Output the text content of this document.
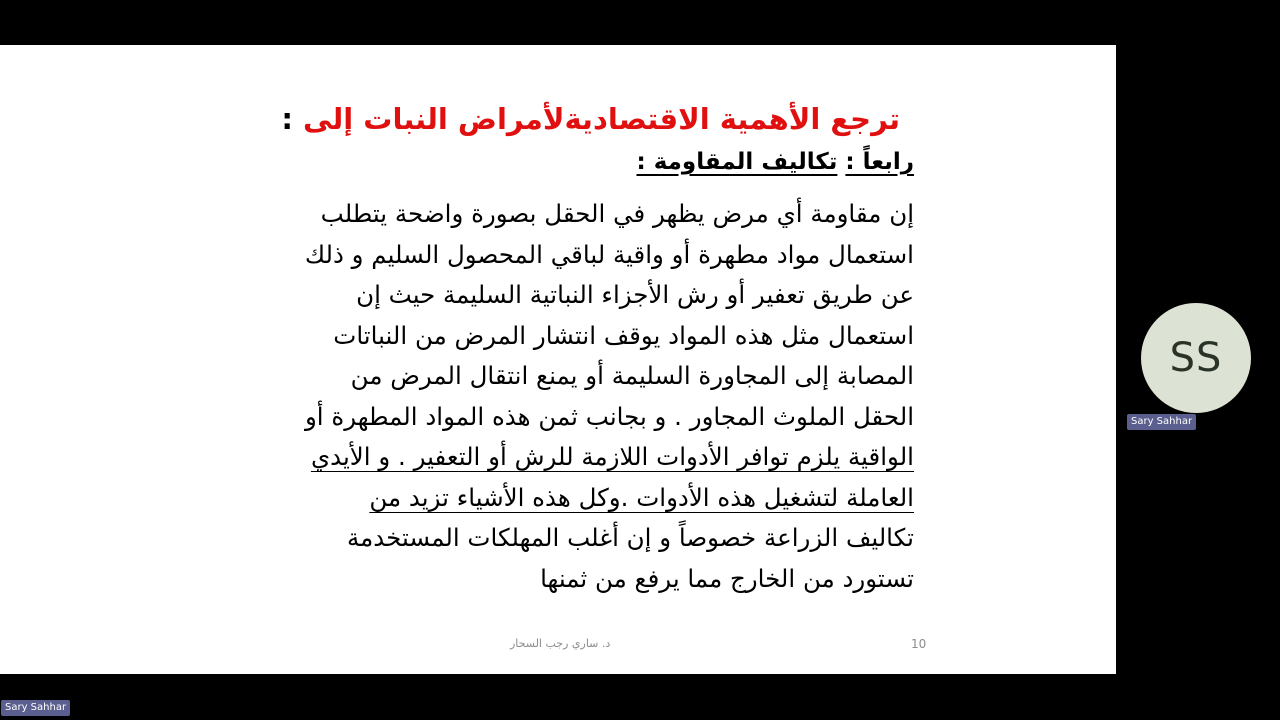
ترجع الأهمية الاقتصاديةلأمراض النبات إلى :
رابعاً : تكاليف المقاومة :
إن مقاومة أي مرض يظهر في الحقل بصورة واضحة يتطلب
استعمال مواد مطهرة أو واقية لباقي المحصول السليم و ذلك
عن طريق تعفير أو رش الأجزاء النباتية السليمة حيث إن
استعمال مثل هذه المواد يوقف انتشار المرض من النباتات
المصابة إلى المجاورة السليمة أو يمنع انتقال المرض من
الحقل الملوث المجاور . و بجانب ثمن هذه المواد المطهرة أو
الواقية يلزم توافر الأدوات اللازمة للرش أو التعفير . و الأيدي
العاملة لتشغيل هذه الأدوات .وكل هذه الأشياء تزيد من
تكاليف الزراعة خصوصاً و إن أغلب المهلكات المستخدمة
تستورد من الخارج مما يرفع من ثمنها
د. ساري رجب السحار	10
SS
Sary Sahhar
Sary Sahhar
